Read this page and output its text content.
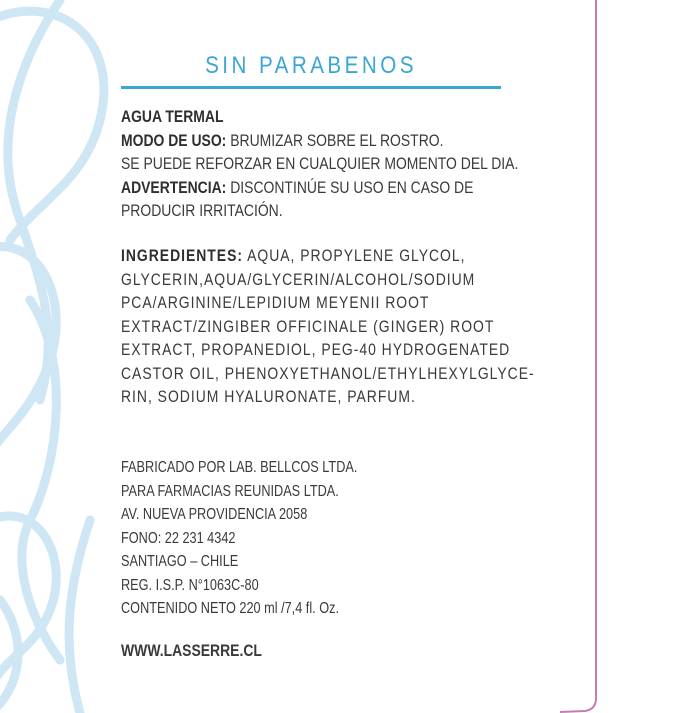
SIN PARABENOS
AGUA TERMAL
MODO DE USO: BRUMIZAR SOBRE EL ROSTRO.
SE PUEDE REFORZAR EN CUALQUIER MOMENTO DEL DIA.
ADVERTENCIA: DISCONTINÚE SU USO EN CASO DE
PRODUCIR IRRITACIÓN.
INGREDIENTES: AQUA, PROPYLENE GLYCOL,
GLYCERIN,AQUA/GLYCERIN/ALCOHOL/SODIUM
PCA/ARGININE/LEPIDIUM MEYENII ROOT
EXTRACT/ZINGIBER OFFICINALE (GINGER) ROOT
EXTRACT, PROPANEDIOL, PEG-40 HYDROGENATED
CASTOR OIL, PHENOXYETHANOL/ETHYLHEXYLGLYCE-
RIN, SODIUM HYALURONATE, PARFUM.
FABRICADO POR LAB. BELLCOS LTDA.
PARA FARMACIAS REUNIDAS LTDA.
AV. NUEVA PROVIDENCIA 2058
FONO: 22 231 4342
SANTIAGO – CHILE
REG. I.S.P. N°1063C-80
CONTENIDO NETO 220 ml /7,4 fl. Oz.
WWW.LASSERRE.CL
